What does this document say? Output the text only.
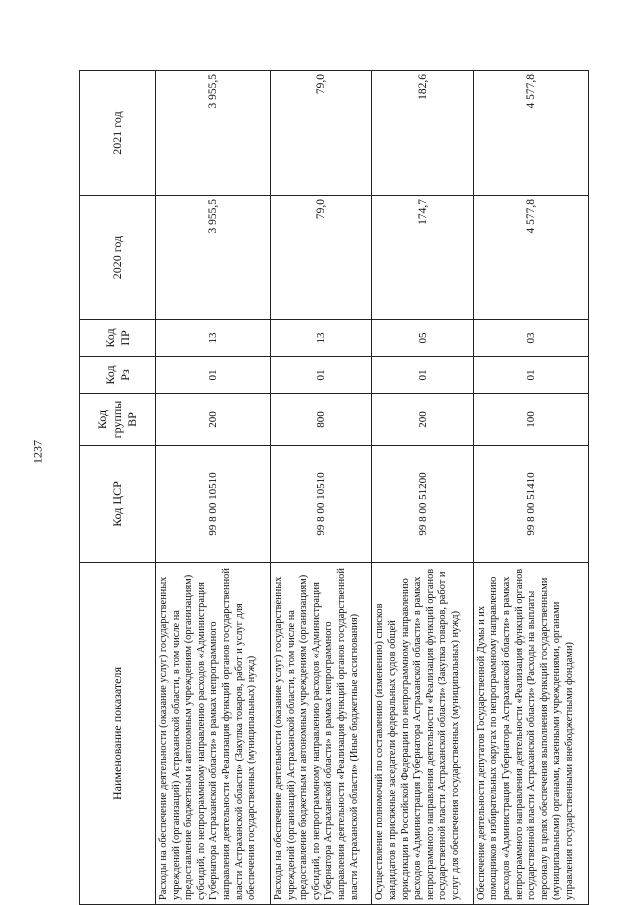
1237
Наименование показателя	Код ЦСР	Код группы ВР	Код Рз	Код ПР	2020 год	2021 год
Расходы на обеспечение деятельности (оказание услуг) государственных учреждений (организаций) Астраханской области, в том числе на предоставление бюджетным и автономным учреждениям (организациям) субсидий, по непрограммному направлению расходов «Администрация Губернатора Астраханской области» в рамках непрограммного направления деятельности «Реализация функций органов государственной власти Астраханской области» (Закупка товаров, работ и услуг для обеспечения государственных (муниципальных) нужд)	99 8 00 10510	200	01	13	3 955,5	3 955,5
Расходы на обеспечение деятельности (оказание услуг) государственных учреждений (организаций) Астраханской области, в том числе на предоставление бюджетным и автономным учреждениям (организациям) субсидий, по непрограммному направлению расходов «Администрация Губернатора Астраханской области» в рамках непрограммного направления деятельности «Реализация функций органов государственной власти Астраханской области» (Иные бюджетные ассигнования)	99 8 00 10510	800	01	13	79,0	79,0
Осуществление полномочий по составлению (изменению) списков кандидатов в присяжные заседатели федеральных судов общей юрисдикции в Российской Федерации по непрограммному направлению расходов «Администрация Губернатора Астраханской области» в рамках непрограммного направления деятельности «Реализация функций органов государственной власти Астраханской области» (Закупка товаров, работ и услуг для обеспечения государственных (муниципальных) нужд)	99 8 00 51200	200	01	05	174,7	182,6
Обеспечение деятельности депутатов Государственной Думы и их помощников в избирательных округах по непрограммному направлению расходов «Администрация Губернатора Астраханской области» в рамках непрограммного направления деятельности «Реализация функций органов государственной власти Астраханской области» (Расходы на выплаты персоналу в целях обеспечения выполнения функций государственными (муниципальными) органами, казенными учреждениями, органами управления государственными внебюджетными фондами)	99 8 00 51410	100	01	03	4 577,8	4 577,8
